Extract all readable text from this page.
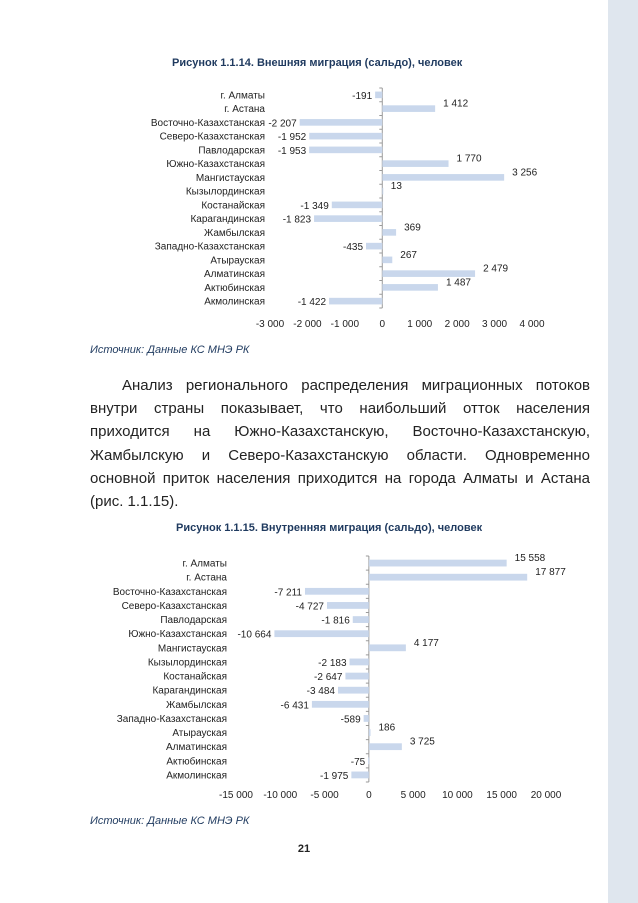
Рисунок 1.1.14. Внешняя миграция (сальдо), человек
г. Алматы	-191
г. Астана	1 412
Восточно-Казахстанская -2 207
Северо-Казахстанская -1 952
Павлодарская -1 953
Южно-Казахстанская	1 770
Мангистауская	3 256
Кызылординская	13
Костанайская	-1 349
Карагандинская -1 823
Жамбылская	369
Западно-Казахстанская	-435
Атырауская	267
Алматинская	2 479
Актюбинская	1 487
Акмолинская	-1 422
-3 000 -2 000 -1 000 0 1 000 2 000 3 000 4 000
Источник: Данные КС МНЭ РК

Анализ регионального распределения миграционных потоков внутри страны показывает, что наибольший отток населения приходится на Южно-Казахстанскую, Восточно-Казахстанскую, Жамбылскую и Северо-Казахстанскую области. Одновременно основной приток населения приходится на города Алматы и Астана (рис. 1.1.15).

Рисунок 1.1.15. Внутренняя миграция (сальдо), человек
г. Алматы	15 558
г. Астана	17 877
Восточно-Казахстанская	-7 211
Северо-Казахстанская	-4 727
Павлодарская	-1 816
Южно-Казахстанская -10 664
Мангистауская	4 177
Кызылординская	-2 183
Костанайская	-2 647
Карагандинская	-3 484
Жамбылская	-6 431
Западно-Казахстанская	-589
Атырауская	186
Алматинская	3 725
Актюбинская	-75
Акмолинская	-1 975
-15 000 -10 000 -5 000	0	5 000 10 000 15 000 20 000
Источник: Данные КС МНЭ РК
21
